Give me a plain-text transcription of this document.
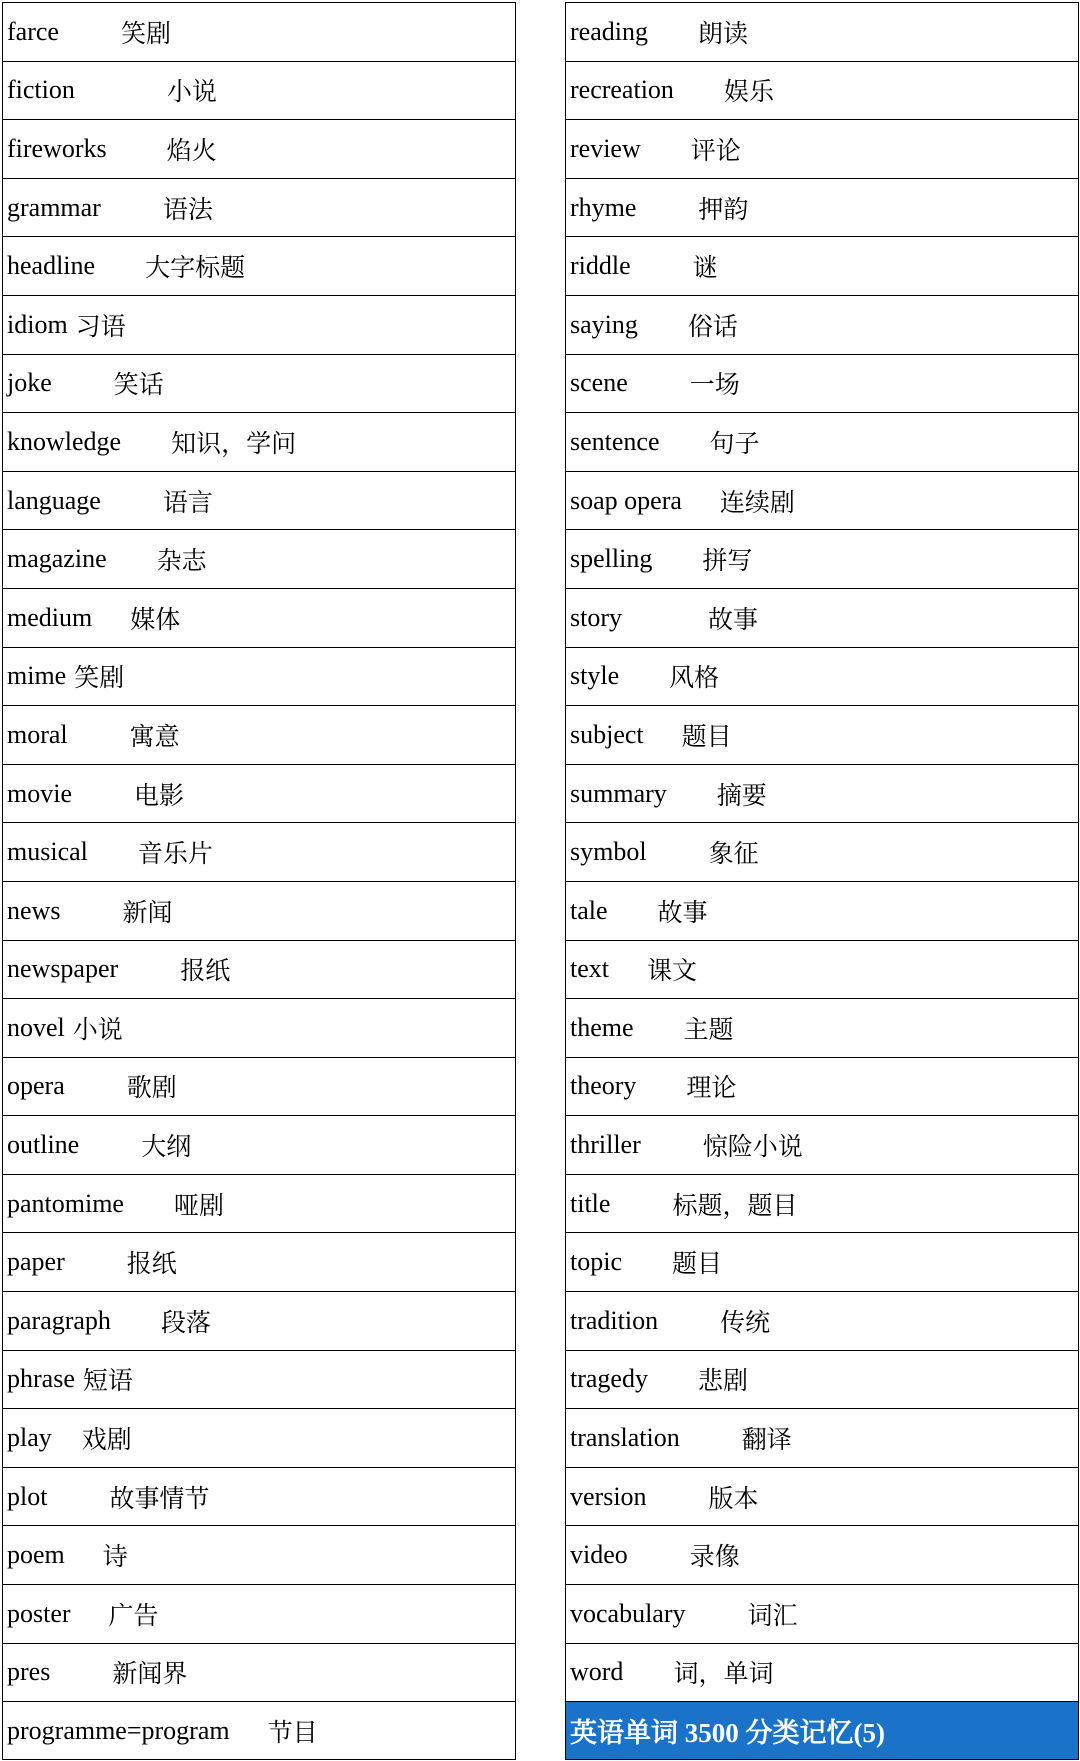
farce 笑剧
fiction	小说
fireworks 焰火
grammar 语法
headline 大字标题
idiom 习语
joke 笑话
knowledge 知识，学问
language 语言
magazine 杂志
medium 媒体
mime 笑剧
moral 寓意
movie 电影
musical 音乐片
news 新闻
newspaper 报纸
novel 小说
opera 歌剧
outline 大纲
pantomime 哑剧
paper 报纸
paragraph 段落
phrase 短语
play 戏剧
plot 故事情节
poem 诗
poster 广告
pres 新闻界
programme=program 节目
reading 朗读
recreation 娱乐
review 评论
rhyme 押韵
riddle 谜
saying 俗话
scene 一场
sentence 句子
soap opera 连续剧
spelling 拼写
story	故事
style 风格
subject 题目
summary 摘要
symbol 象征
tale 故事
text 课文
theme 主题
theory 理论
thriller 惊险小说
title 标题，题目
topic 题目
tradition 传统
tragedy 悲剧
translation 翻译
version 版本
video 录像
vocabulary 词汇
word 词，单词
英语单词 3500 分类记忆(5)
